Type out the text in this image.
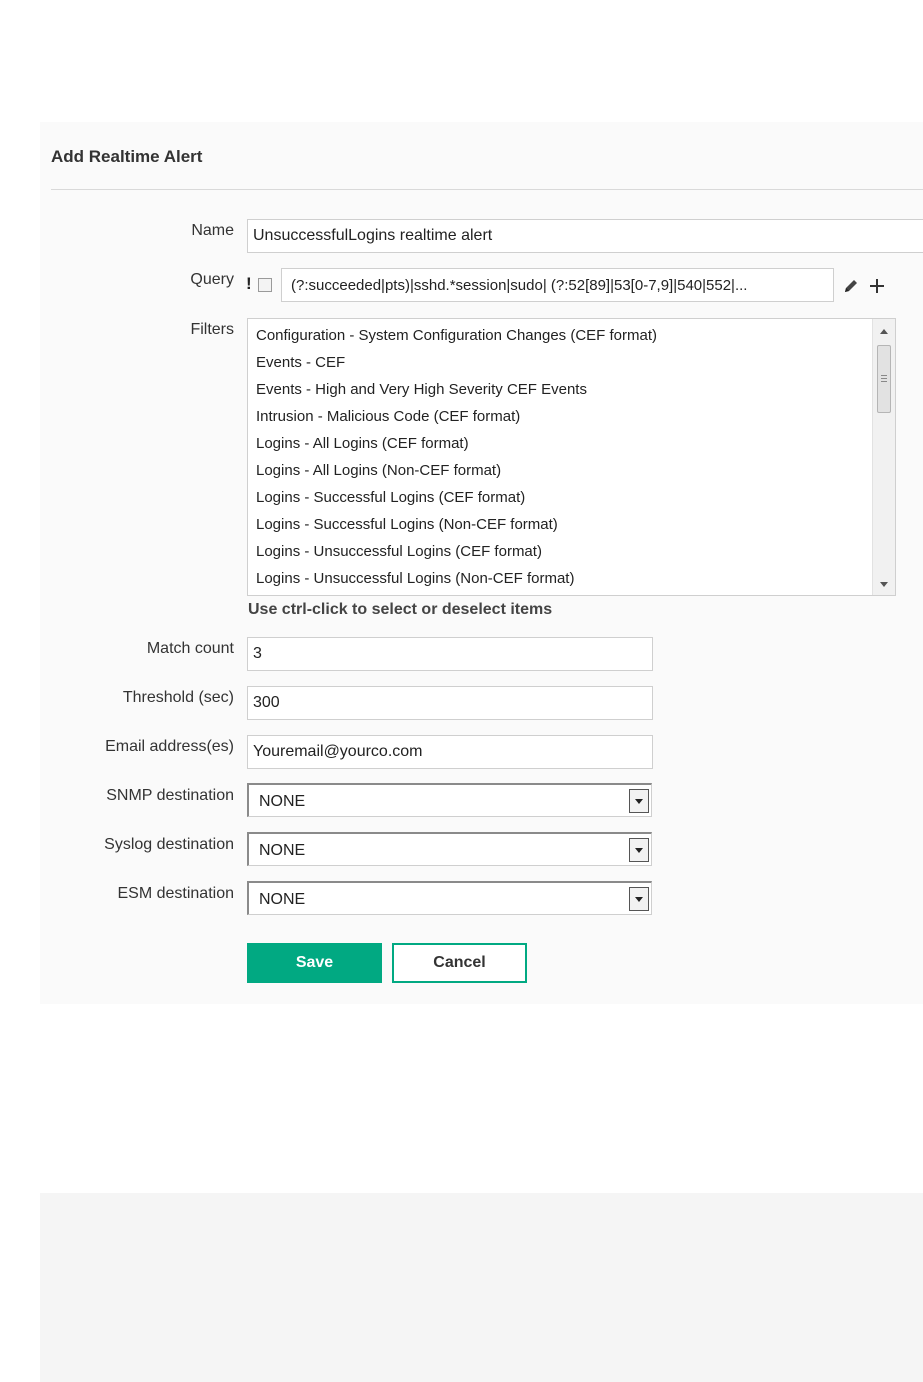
Add Realtime Alert
Name UnsuccessfulLogins realtime alert
Query !	(?:succeeded|pts)|sshd.*session|sudo| (?:52[89]|53[0-7,9]|540|552|...
Filters Configuration - System Configuration Changes (CEF format)
Events - CEF
Events - High and Very High Severity CEF Events
Intrusion - Malicious Code (CEF format)
Logins - All Logins (CEF format)
Logins - All Logins (Non-CEF format)
Logins - Successful Logins (CEF format)
Logins - Successful Logins (Non-CEF format)
Logins - Unsuccessful Logins (CEF format)
Logins - Unsuccessful Logins (Non-CEF format)
Use ctrl-click to select or deselect items
Match count 3
Threshold (sec) 300
Email address(es) Youremail@yourco.com
SNMP destination NONE
Syslog destination NONE
ESM destination NONE
Save	Cancel
